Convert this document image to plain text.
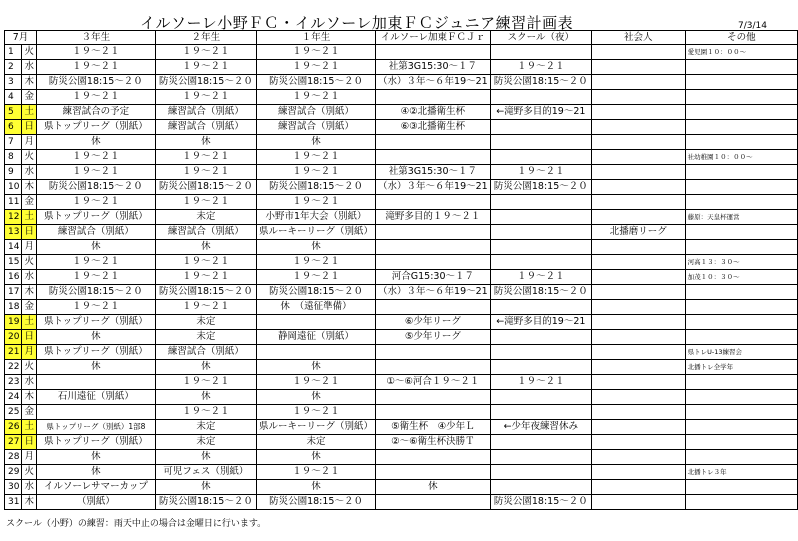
イルソーレ小野ＦＣ・イルソーレ加東ＦＣジュニア練習計画表	7/3/14
7月		３年生	２年生	１年生	イルソーレ加東ＦＣＪｒ	スクール（夜）	社会人	その他
1	火	１９～２１	１９～２１	１９～２１				愛児園１０：００～
2	水	１９～２１	１９～２１	１９～２１	社第3G15:30～１７	１９～２１		
3	木	防災公園18:15～２０	防災公園18:15～２０	防災公園18:15～２０	（水）３年～６年19～21	防災公園18:15～２０		
4	金	１９～２１	１９～２１	１９～２１				
5	土	練習試合の予定	練習試合（別紙）	練習試合（別紙）	④②北播衛生杯	←滝野多目的19～21		
6	日	県トップリーグ（別紙）	練習試合（別紙）	練習試合（別紙）	⑥③北播衛生杯			
7	月	休	休	休				
8	火	１９～２１	１９～２１	１９～２１				社幼稚園１０：００～
9	水	１９～２１	１９～２１	１９～２１	社第3G15:30～１７	１９～２１		
10	木	防災公園18:15～２０	防災公園18:15～２０	防災公園18:15～２０	（水）３年～６年19～21	防災公園18:15～２０		
11	金	１９～２１	１９～２１	１９～２１				
12	土	県トップリーグ（別紙）	未定	小野市1年大会（別紙）	滝野多目的１９～２１			藤原：天皇杯運営
13	日	練習試合（別紙）	練習試合（別紙）	県ルーキーリーグ（別紙）			北播磨リーグ	
14	月	休	休	休				
15	火	１９～２１	１９～２１	１９～２１				河高１３：３０～
16	水	１９～２１	１９～２１	１９～２１	河合G15:30～１７	１９～２１		加茂１０：３０～
17	木	防災公園18:15～２０	防災公園18:15～２０	防災公園18:15～２０	（水）３年～６年19～21	防災公園18:15～２０		
18	金	１９～２１	１９～２１	休　（遠征準備）				
19	土	県トップリーグ（別紙）	未定		⑥少年リーグ	←滝野多目的19～21		
20	日	休	未定	静岡遠征（別紙）	⑤少年リーグ			
21	月	県トップリーグ（別紙）	練習試合（別紙）					県トレU-13練習会
22	火	休	休	休				北播トレ全学年
23	水		１９～２１	１９～２１	①～⑥河合１９～２１	１９～２１		
24	木	石川遠征（別紙）	休	休				
25	金		１９～２１	１９～２１				
26	土	県トップリーグ（別紙）1部8	未定	県ルーキーリーグ（別紙）	⑤衛生杯　④少年Ｌ	←少年夜練習休み		
27	日	県トップリーグ（別紙）	未定	未定	②～⑥衛生杯決勝Ｔ			
28	月	休	休	休				
29	火	休	可児フェス（別紙）	１９～２１				北播トレ３年
30	水	イルソーレサマーカップ	休	休	休			
31	木	（別紙）	防災公園18:15～２０	防災公園18:15～２０		防災公園18:15～２０		
スクール（小野）の練習：雨天中止の場合は金曜日に行います。
